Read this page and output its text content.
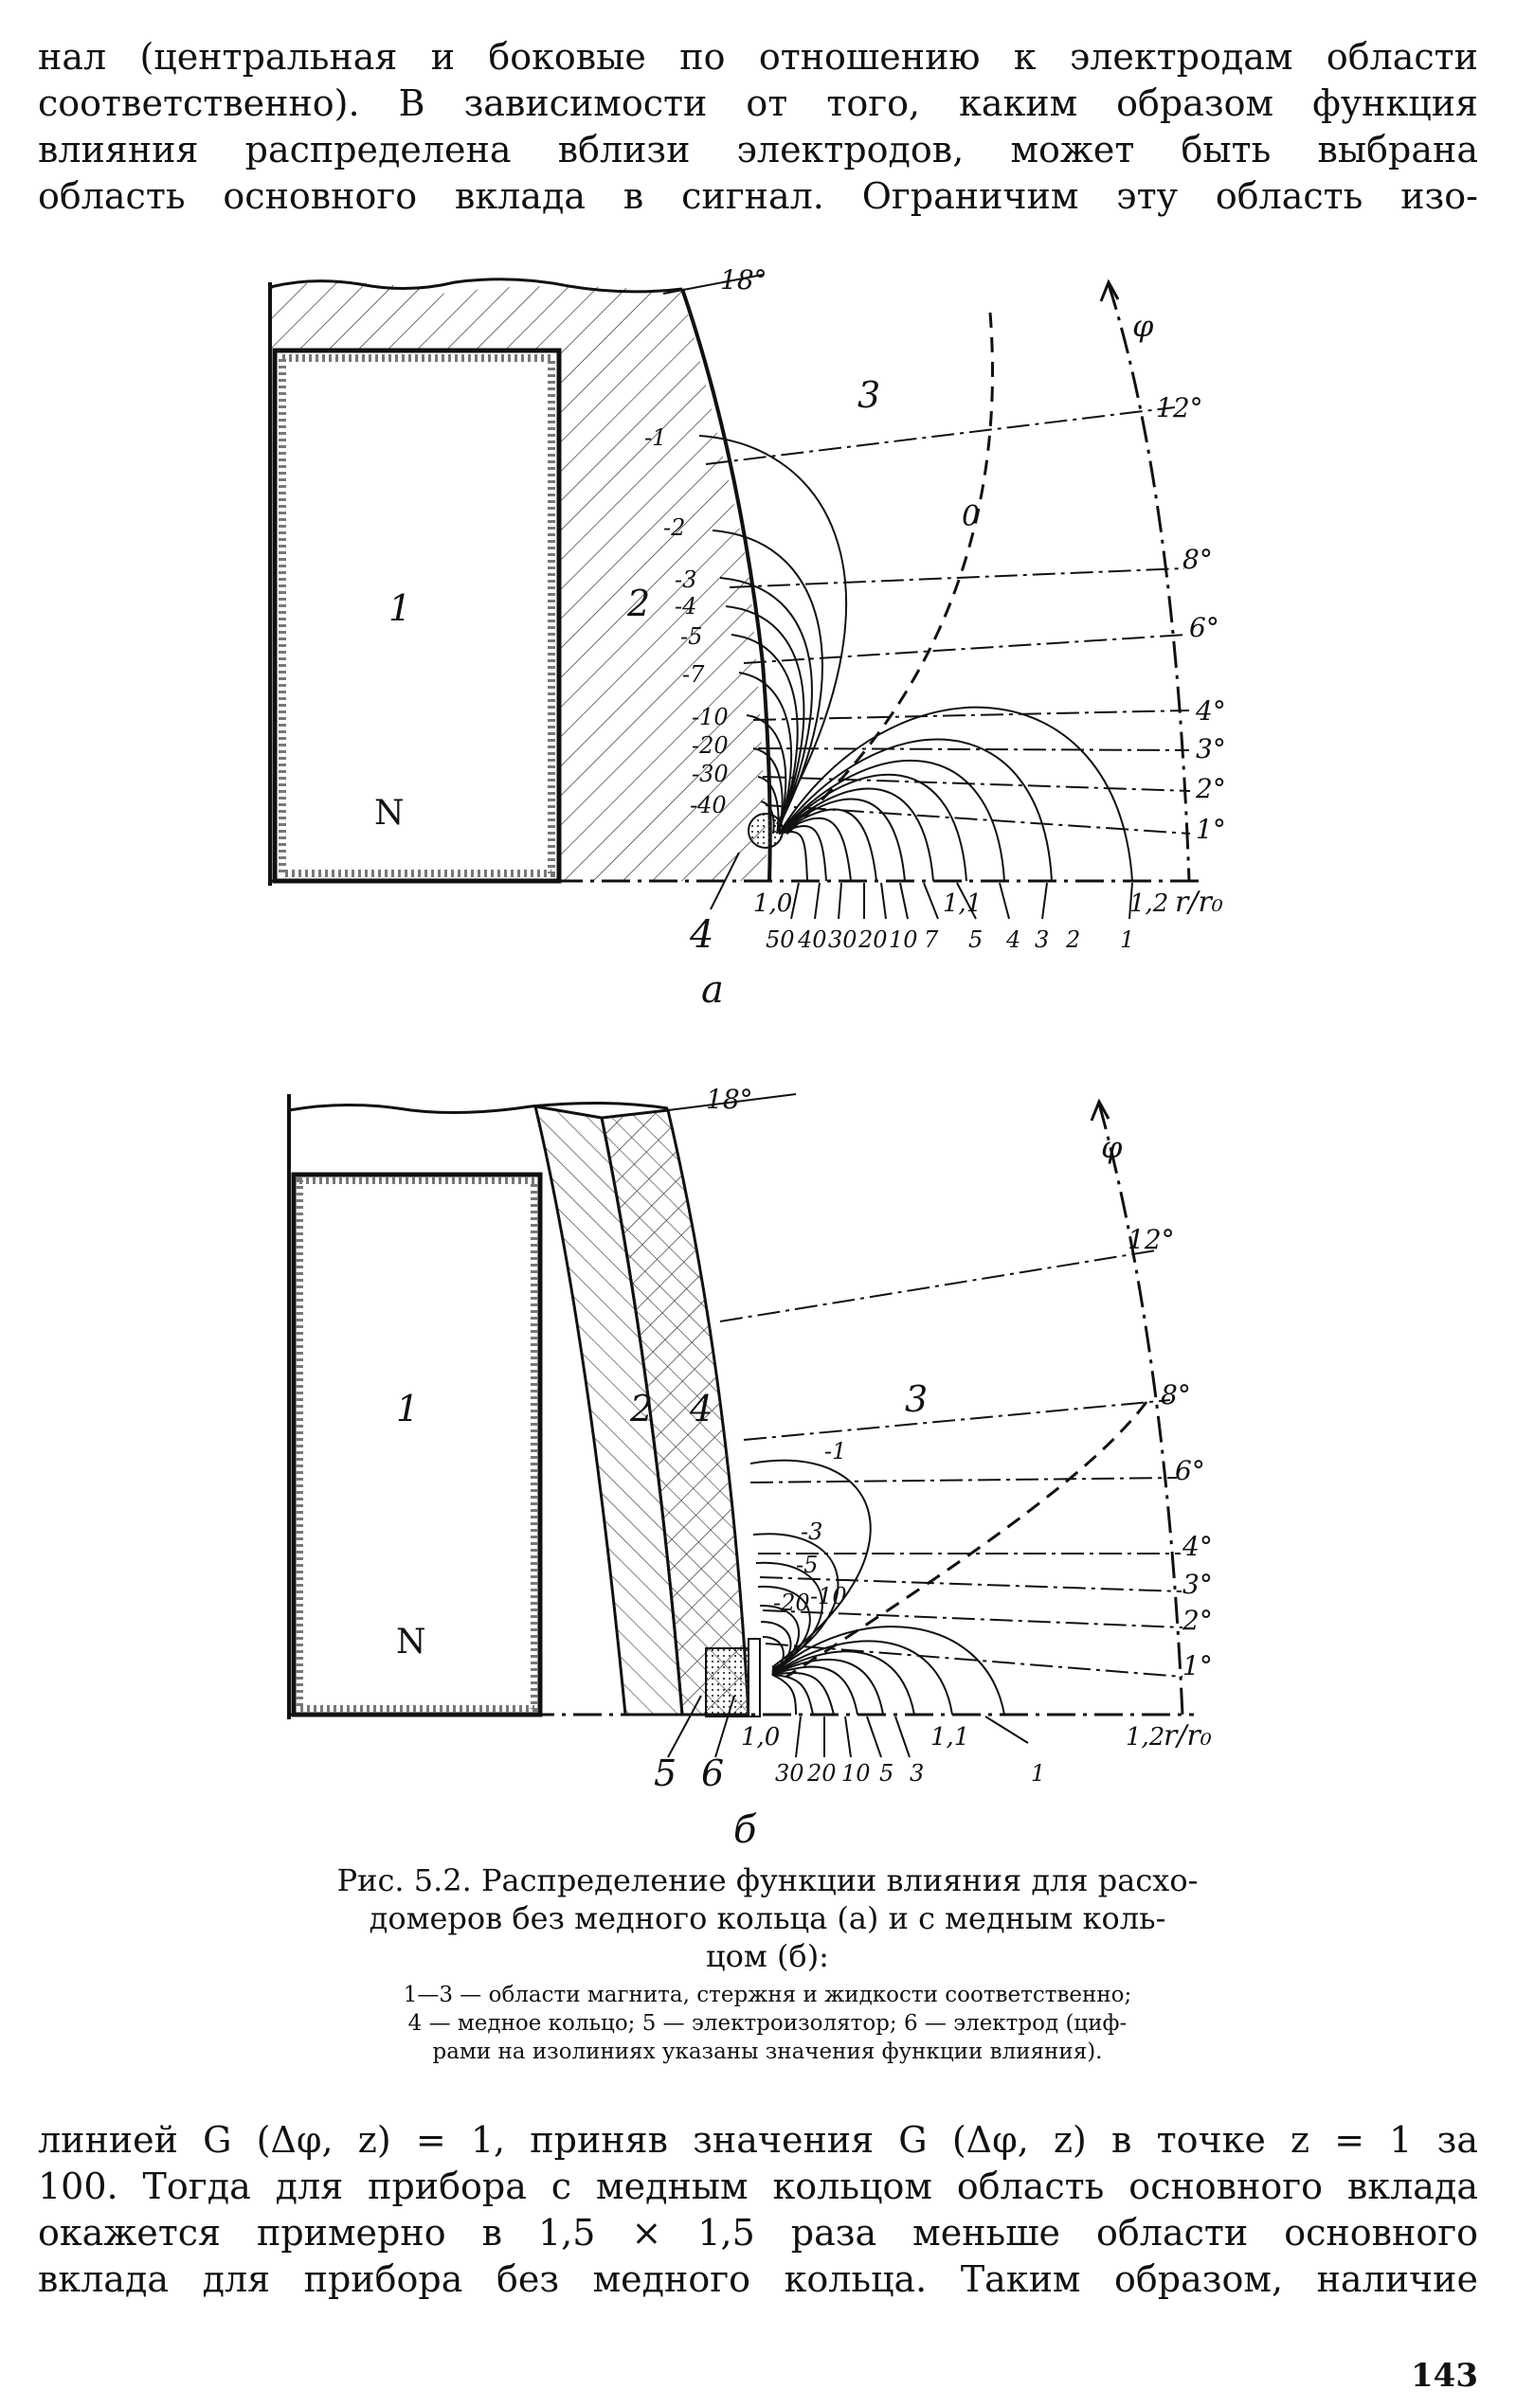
нал (центральная и боковые по отношению к электродам области
соответственно). В зависимости от того, каким образом функция
влияния распределена вблизи электродов, может быть выбрана
область основного вклада в сигнал. Ограничим эту область изо-
18°
φ
r/r₀
1	2
3
N
4
0
-1
-2
-3
-4
-5
-7
-10
-20
-30
-40
12°
8°
6°
4°
3°
2°
1°
1,0	1,1	1,2
50 40 30 20 10 7 5 4 3 2 1
а
18°
φ
r/r₀
1	2 4	3
N
5 6
-1
-3
-5
-10
-20
12°
8°
6°
4°
3°
2°
1°
1,0	1,1	1,2
30 20 10 5 3	1
б

Рис. 5.2. Распределение функции влияния для расхо-
домеров без медного кольца (а) и с медным коль-
цом (б):

1—3 — области магнита, стержня и жидкости соответственно;
4 — медное кольцо; 5 — электроизолятор; 6 — электрод (циф-
рами на изолиниях указаны значения функции влияния).

линией G (Δφ, z) = 1, приняв значения G (Δφ, z) в точке z = 1 за
100. Тогда для прибора с медным кольцом область основного вклада
окажется примерно в 1,5 × 1,5 раза меньше области основного
вклада для прибора без медного кольца. Таким образом, наличие
143
